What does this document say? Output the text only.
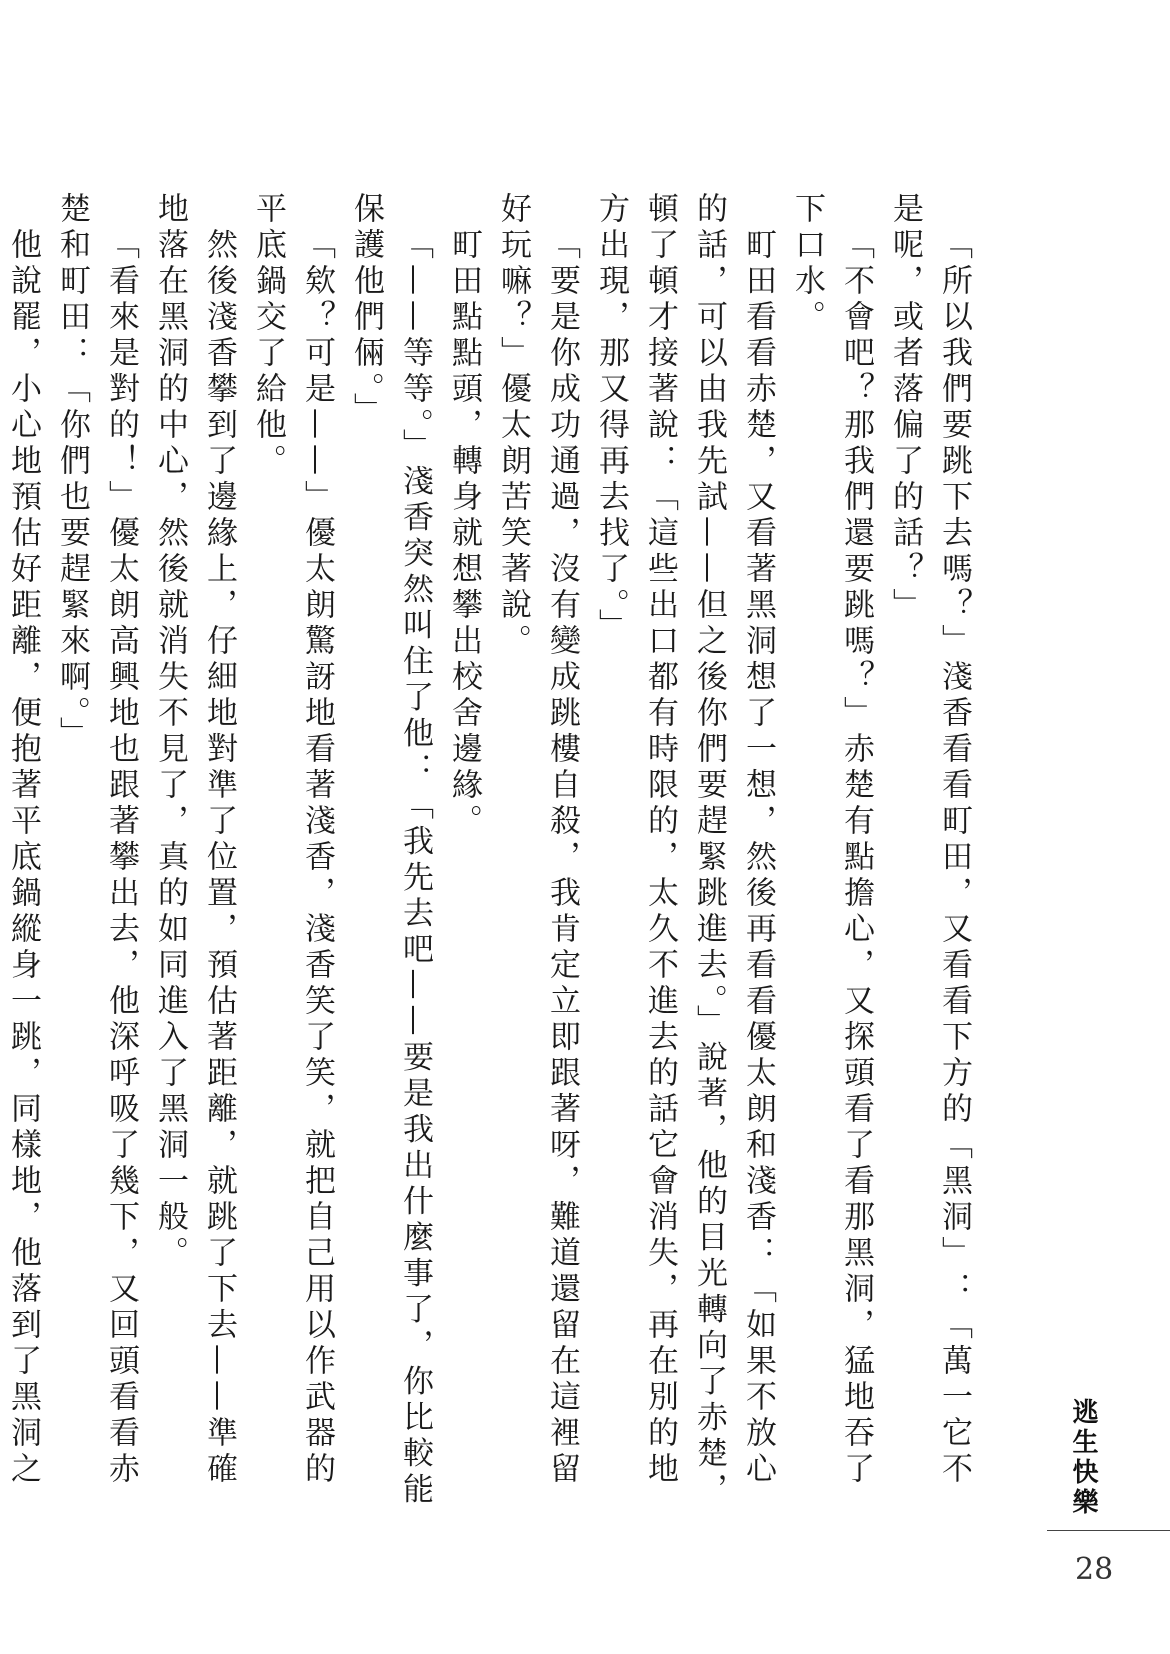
「所以我們要跳下去嗎？」淺香看看町田，又看看下方的「黑洞」：「萬一它不是呢，或者落偏了的話？」

「不會吧？那我們還要跳嗎？」赤楚有點擔心，又探頭看了看那黑洞，猛地吞了下口水。

町田看看赤楚，又看著黑洞想了一想，然後再看看優太朗和淺香：「如果不放心的話，可以由我先試——但之後你們要趕緊跳進去。」說著，他的目光轉向了赤楚，頓了頓才接著說：「這些出口都有時限的，太久不進去的話它會消失，再在別的地方出現，那又得再去找了。」

「要是你成功通過，沒有變成跳樓自殺，我肯定立即跟著呀，難道還留在這裡留好玩嘛？」優太朗苦笑著說。

町田點點頭，轉身就想攀出校舍邊緣。

「——等等。」淺香突然叫住了他：「我先去吧——要是我出什麼事了，你比較能保護他們倆。」

「欸？可是——」優太朗驚訝地看著淺香，淺香笑了笑，就把自己用以作武器的平底鍋交了給他。

然後淺香攀到了邊緣上，仔細地對準了位置，預估著距離，就跳了下去——準確地落在黑洞的中心，然後就消失不見了，真的如同進入了黑洞一般。

「看來是對的！」優太朗高興地也跟著攀出去，他深呼吸了幾下，又回頭看看赤楚和町田：「你們也要趕緊來啊。」

他說罷，小心地預估好距離，便抱著平底鍋縱身一跳，同樣地，他落到了黑洞之	逃生快樂
28
